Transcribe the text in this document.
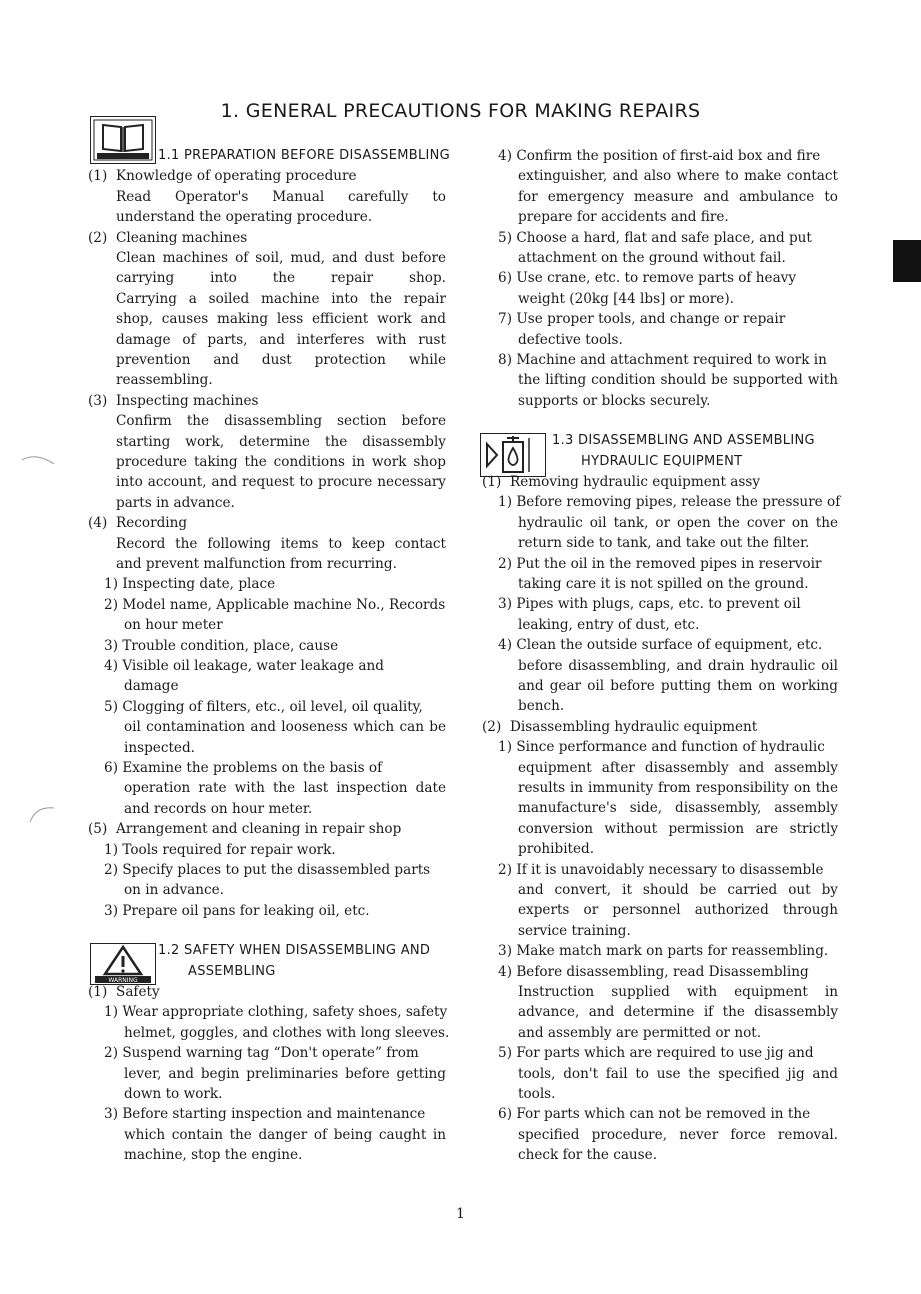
1. GENERAL PRECAUTIONS FOR MAKING REPAIRS
1.1 PREPARATION BEFORE DISASSEMBLING
(1) Knowledge of operating procedure
Read Operator's Manual carefully to
understand the operating procedure.
(2) Cleaning machines
Clean machines of soil, mud, and dust before
carrying into the repair shop.
Carrying a soiled machine into the repair
shop, causes making less efficient work and
damage of parts, and interferes with rust
prevention and dust protection while
reassembling.
(3) Inspecting machines
Confirm the disassembling section before
starting work, determine the disassembly
procedure taking the conditions in work shop
into account, and request to procure necessary
parts in advance.
(4) Recording
Record the following items to keep contact
and prevent malfunction from recurring.
1) Inspecting date, place
2) Model name, Applicable machine No., Records
on hour meter
3) Trouble condition, place, cause
4) Visible oil leakage, water leakage and
damage
5) Clogging of filters, etc., oil level, oil quality,
oil contamination and looseness which can be
inspected.
6) Examine the problems on the basis of
operation rate with the last inspection date
and records on hour meter.
(5) Arrangement and cleaning in repair shop
1) Tools required for repair work.
2) Specify places to put the disassembled parts
on in advance.
3) Prepare oil pans for leaking oil, etc.
WARNING
1.2 SAFETY WHEN DISASSEMBLING AND
ASSEMBLING
(1) Safety
1) Wear appropriate clothing, safety shoes, safety
helmet, goggles, and clothes with long sleeves.
2) Suspend warning tag “Don't operate” from
lever, and begin preliminaries before getting
down to work.
3) Before starting inspection and maintenance
which contain the danger of being caught in
machine, stop the engine.
4) Confirm the position of first-aid box and fire
extinguisher, and also where to make contact
for emergency measure and ambulance to
prepare for accidents and fire.
5) Choose a hard, flat and safe place, and put
attachment on the ground without fail.
6) Use crane, etc. to remove parts of heavy
weight (20kg [44 lbs] or more).
7) Use proper tools, and change or repair
defective tools.
8) Machine and attachment required to work in
the lifting condition should be supported with
supports or blocks securely.
1.3 DISASSEMBLING AND ASSEMBLING
HYDRAULIC EQUIPMENT
(1) Removing hydraulic equipment assy
1) Before removing pipes, release the pressure of
hydraulic oil tank, or open the cover on the
return side to tank, and take out the filter.
2) Put the oil in the removed pipes in reservoir
taking care it is not spilled on the ground.
3) Pipes with plugs, caps, etc. to prevent oil
leaking, entry of dust, etc.
4) Clean the outside surface of equipment, etc.
before disassembling, and drain hydraulic oil
and gear oil before putting them on working
bench.
(2) Disassembling hydraulic equipment
1) Since performance and function of hydraulic
equipment after disassembly and assembly
results in immunity from responsibility on the
manufacture's side, disassembly, assembly
conversion without permission are strictly
prohibited.
2) If it is unavoidably necessary to disassemble
and convert, it should be carried out by
experts or personnel authorized through
service training.
3) Make match mark on parts for reassembling.
4) Before disassembling, read Disassembling
Instruction supplied with equipment in
advance, and determine if the disassembly
and assembly are permitted or not.
5) For parts which are required to use jig and
tools, don't fail to use the specified jig and
tools.
6) For parts which can not be removed in the
specified procedure, never force removal.
check for the cause.
1
